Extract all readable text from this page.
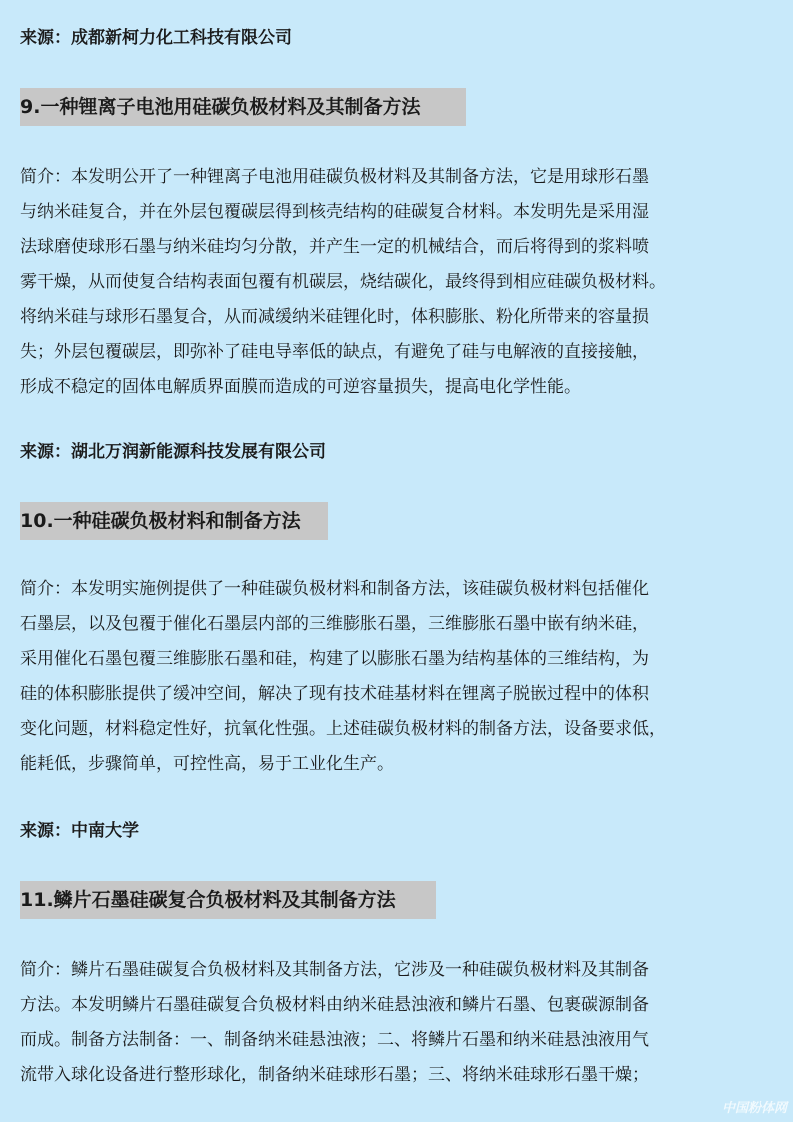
来源：成都新柯力化工科技有限公司
9.一种锂离子电池用硅碳负极材料及其制备方法
简介：本发明公开了一种锂离子电池用硅碳负极材料及其制备方法，它是用球形石墨
与纳米硅复合，并在外层包覆碳层得到核壳结构的硅碳复合材料。本发明先是采用湿
法球磨使球形石墨与纳米硅均匀分散，并产生一定的机械结合，而后将得到的浆料喷
雾干燥，从而使复合结构表面包覆有机碳层，烧结碳化，最终得到相应硅碳负极材料。
将纳米硅与球形石墨复合，从而减缓纳米硅锂化时，体积膨胀、粉化所带来的容量损
失；外层包覆碳层，即弥补了硅电导率低的缺点，有避免了硅与电解液的直接接触，
形成不稳定的固体电解质界面膜而造成的可逆容量损失，提高电化学性能。
来源：湖北万润新能源科技发展有限公司
10.一种硅碳负极材料和制备方法
简介：本发明实施例提供了一种硅碳负极材料和制备方法，该硅碳负极材料包括催化
石墨层，以及包覆于催化石墨层内部的三维膨胀石墨，三维膨胀石墨中嵌有纳米硅，
采用催化石墨包覆三维膨胀石墨和硅，构建了以膨胀石墨为结构基体的三维结构，为
硅的体积膨胀提供了缓冲空间，解决了现有技术硅基材料在锂离子脱嵌过程中的体积
变化问题，材料稳定性好，抗氧化性强。上述硅碳负极材料的制备方法，设备要求低，
能耗低，步骤简单，可控性高，易于工业化生产。
来源：中南大学
11.鳞片石墨硅碳复合负极材料及其制备方法
简介：鳞片石墨硅碳复合负极材料及其制备方法，它涉及一种硅碳负极材料及其制备
方法。本发明鳞片石墨硅碳复合负极材料由纳米硅悬浊液和鳞片石墨、包裹碳源制备
而成。制备方法制备：一、制备纳米硅悬浊液；二、将鳞片石墨和纳米硅悬浊液用气
流带入球化设备进行整形球化，制备纳米硅球形石墨；三、将纳米硅球形石墨干燥；
中国粉体网
